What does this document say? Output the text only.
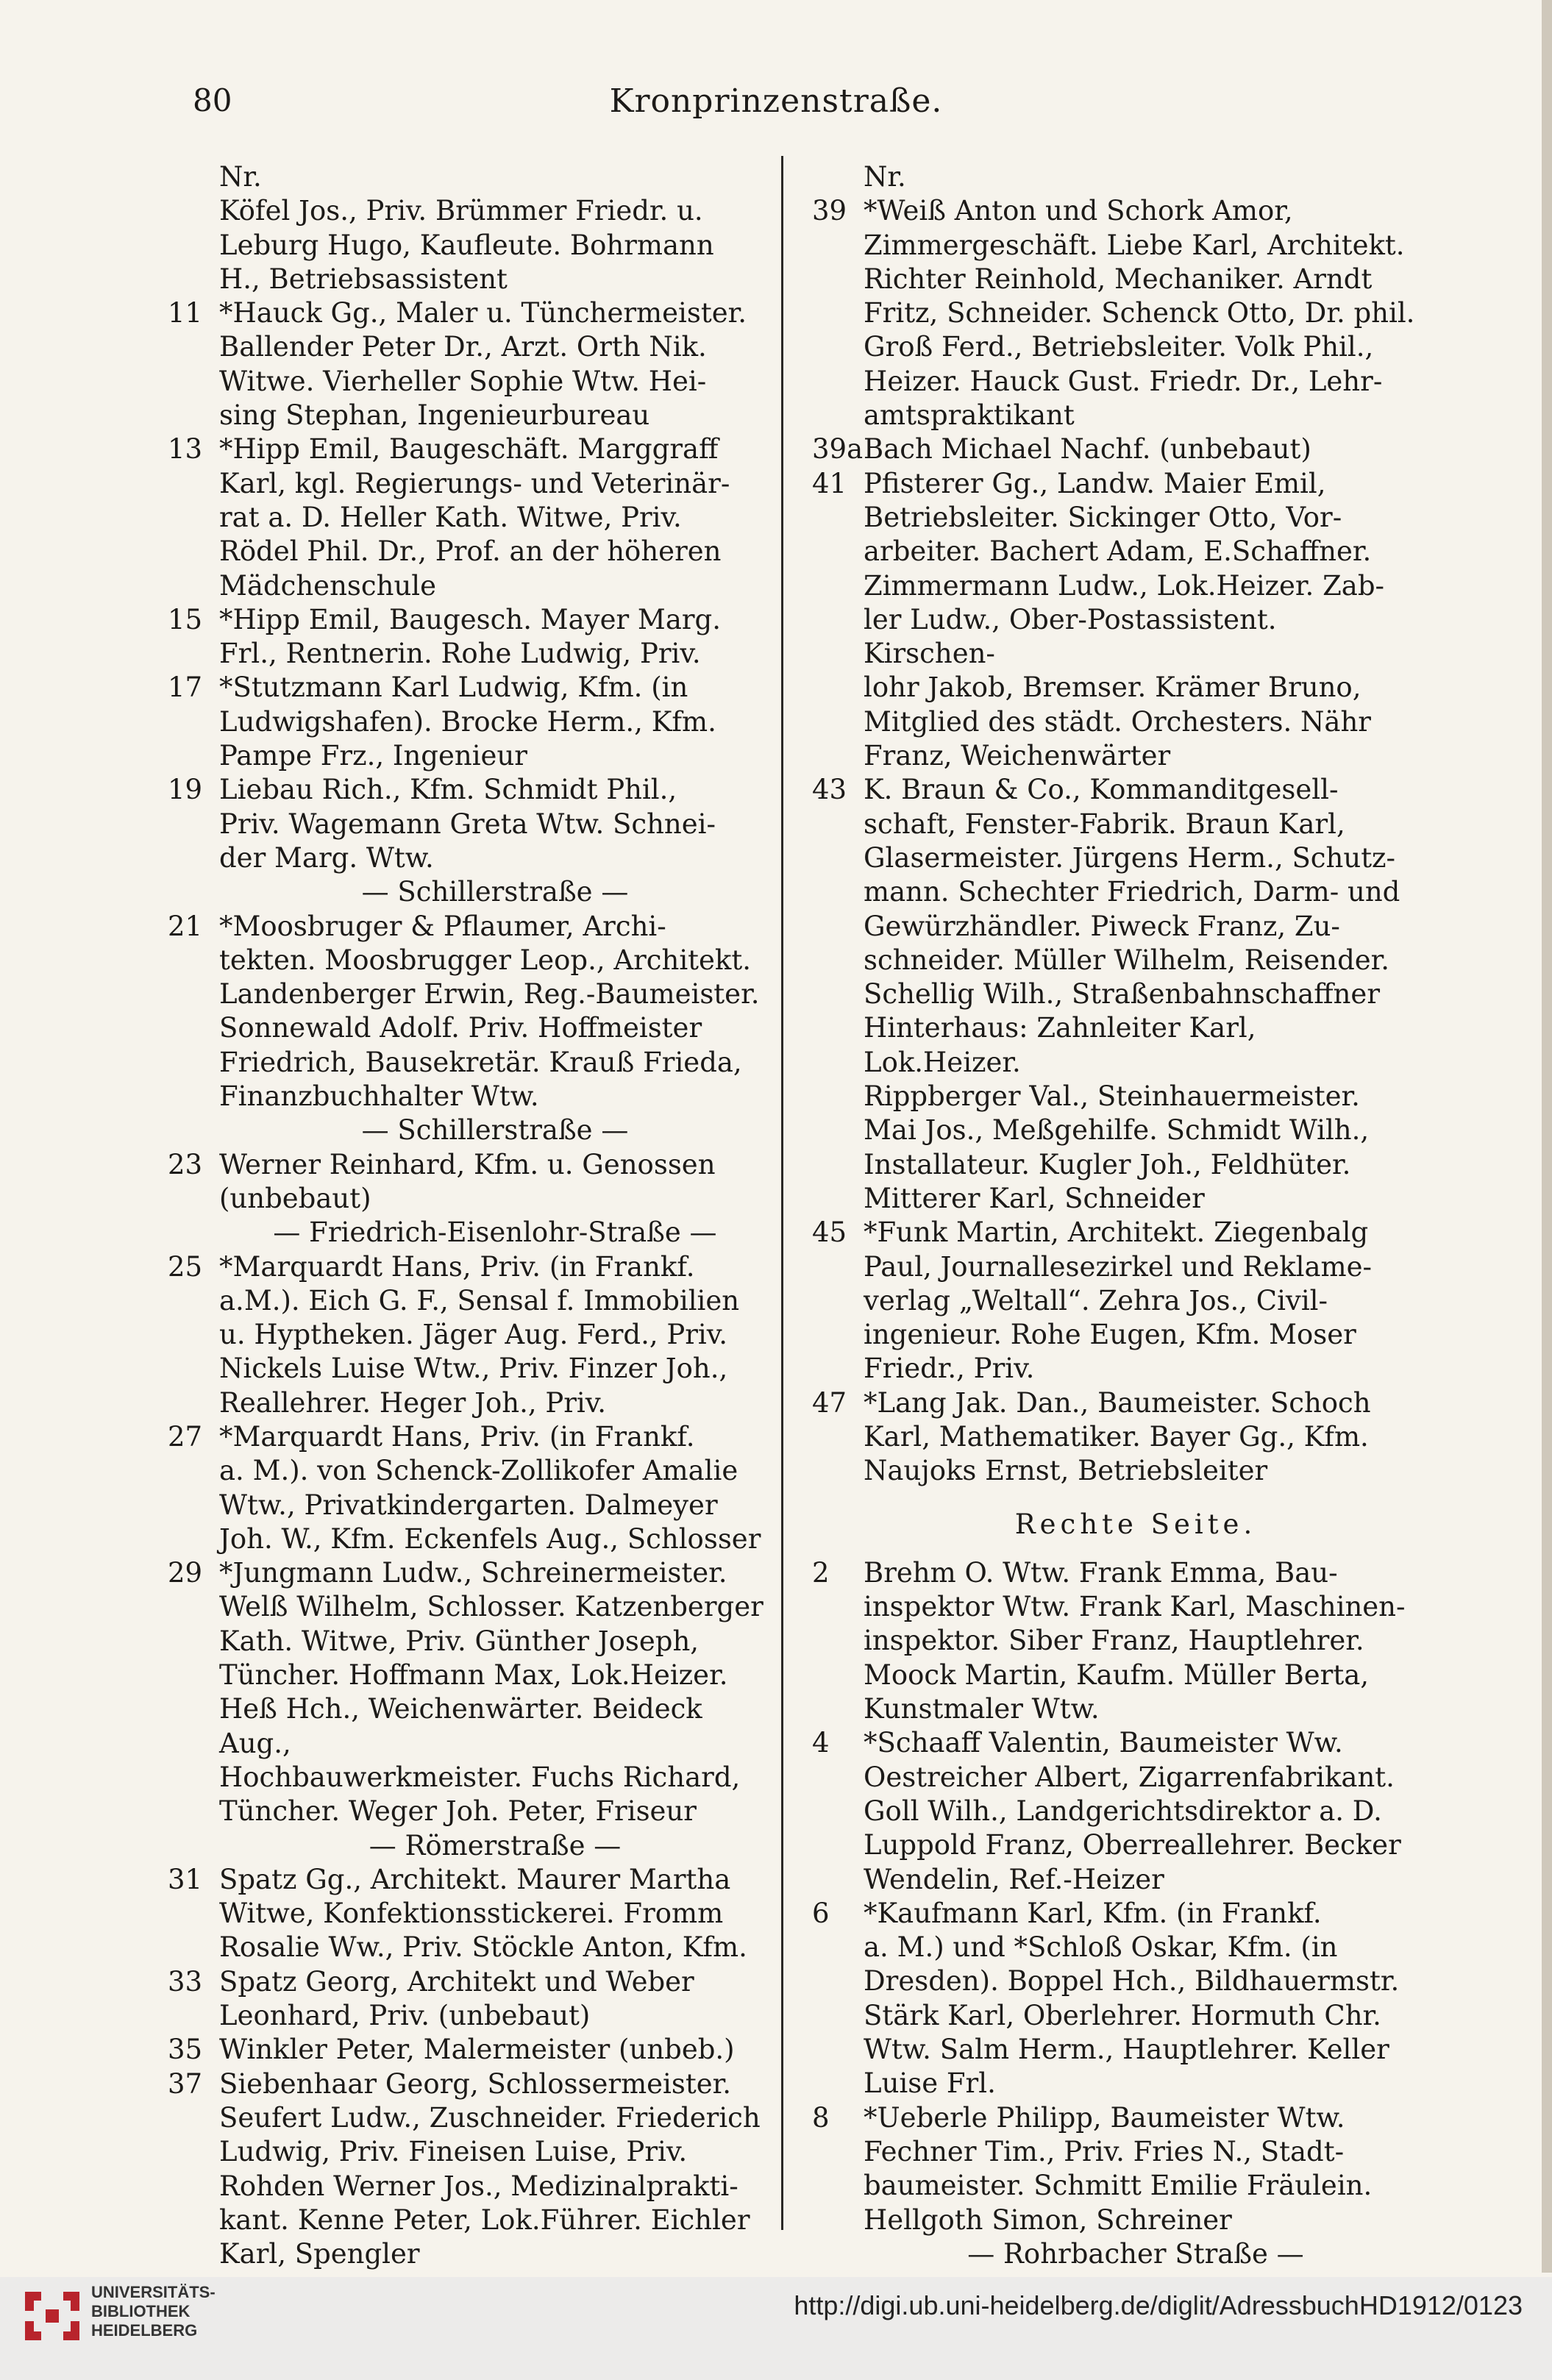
80	Kronprinzenstraße.
Nr.
Köfel Jos., Priv. Brümmer Friedr. u.
Leburg Hugo, Kaufleute. Bohrmann
H., Betriebsassistent
11 *Hauck Gg., Maler u. Tünchermeister.
Ballender Peter Dr., Arzt. Orth Nik.
Witwe. Vierheller Sophie Wtw. Hei-
sing Stephan, Ingenieurbureau
13 *Hipp Emil, Baugeschäft. Marggraff
Karl, kgl. Regierungs- und Veterinär-
rat a. D. Heller Kath. Witwe, Priv.
Rödel Phil. Dr., Prof. an der höheren
Mädchenschule
15 *Hipp Emil, Baugesch. Mayer Marg.
Frl., Rentnerin. Rohe Ludwig, Priv.
17 *Stutzmann Karl Ludwig, Kfm. (in
Ludwigshafen). Brocke Herm., Kfm.
Pampe Frz., Ingenieur
19 Liebau Rich., Kfm. Schmidt Phil.,
Priv. Wagemann Greta Wtw. Schnei-
der Marg. Wtw.
— Schillerstraße —
21 *Moosbruger & Pflaumer, Archi-
tekten. Moosbrugger Leop., Architekt.
Landenberger Erwin, Reg.-Baumeister.
Sonnewald Adolf. Priv. Hoffmeister
Friedrich, Bausekretär. Krauß Frieda,
Finanzbuchhalter Wtw.
— Schillerstraße —
23 Werner Reinhard, Kfm. u. Genossen
(unbebaut)
— Friedrich-Eisenlohr-Straße —
25 *Marquardt Hans, Priv. (in Frankf.
a.M.). Eich G. F., Sensal f. Immobilien
u. Hyptheken. Jäger Aug. Ferd., Priv.
Nickels Luise Wtw., Priv. Finzer Joh.,
Reallehrer. Heger Joh., Priv.
27 *Marquardt Hans, Priv. (in Frankf.
a. M.). von Schenck-Zollikofer Amalie
Wtw., Privatkindergarten. Dalmeyer
Joh. W., Kfm. Eckenfels Aug., Schlosser
29 *Jungmann Ludw., Schreinermeister.
Welß Wilhelm, Schlosser. Katzenberger
Kath. Witwe, Priv. Günther Joseph,
Tüncher. Hoffmann Max, Lok.Heizer.
Heß Hch., Weichenwärter. Beideck Aug.,
Hochbauwerkmeister. Fuchs Richard,
Tüncher. Weger Joh. Peter, Friseur
— Römerstraße —
31 Spatz Gg., Architekt. Maurer Martha
Witwe, Konfektionsstickerei. Fromm
Rosalie Ww., Priv. Stöckle Anton, Kfm.
33 Spatz Georg, Architekt und Weber
Leonhard, Priv. (unbebaut)
35 Winkler Peter, Malermeister (unbeb.)
37 Siebenhaar Georg, Schlossermeister.
Seufert Ludw., Zuschneider. Friederich
Ludwig, Priv. Fineisen Luise, Priv.
Rohden Werner Jos., Medizinalprakti-
kant. Kenne Peter, Lok.Führer. Eichler
Karl, Spengler
Nr.
39 *Weiß Anton und Schork Amor,
Zimmergeschäft. Liebe Karl, Architekt.
Richter Reinhold, Mechaniker. Arndt
Fritz, Schneider. Schenck Otto, Dr. phil.
Groß Ferd., Betriebsleiter. Volk Phil.,
Heizer. Hauck Gust. Friedr. Dr., Lehr-
amtspraktikant
39a Bach Michael Nachf. (unbebaut)
41 Pfisterer Gg., Landw. Maier Emil,
Betriebsleiter. Sickinger Otto, Vor-
arbeiter. Bachert Adam, E.Schaffner.
Zimmermann Ludw., Lok.Heizer. Zab-
ler Ludw., Ober-Postassistent. Kirschen-
lohr Jakob, Bremser. Krämer Bruno,
Mitglied des städt. Orchesters. Nähr
Franz, Weichenwärter
43 K. Braun & Co., Kommanditgesell-
schaft, Fenster-Fabrik. Braun Karl,
Glasermeister. Jürgens Herm., Schutz-
mann. Schechter Friedrich, Darm- und
Gewürzhändler. Piweck Franz, Zu-
schneider. Müller Wilhelm, Reisender.
Schellig Wilh., Straßenbahnschaffner
Hinterhaus: Zahnleiter Karl, Lok.Heizer.
Rippberger Val., Steinhauermeister.
Mai Jos., Meßgehilfe. Schmidt Wilh.,
Installateur. Kugler Joh., Feldhüter.
Mitterer Karl, Schneider
45 *Funk Martin, Architekt. Ziegenbalg
Paul, Journallesezirkel und Reklame-
verlag „Weltall“. Zehra Jos., Civil-
ingenieur. Rohe Eugen, Kfm. Moser
Friedr., Priv.
47 *Lang Jak. Dan., Baumeister. Schoch
Karl, Mathematiker. Bayer Gg., Kfm.
Naujoks Ernst, Betriebsleiter
Rechte Seite.
2	Brehm O. Wtw. Frank Emma, Bau-
inspektor Wtw. Frank Karl, Maschinen-
inspektor. Siber Franz, Hauptlehrer.
Moock Martin, Kaufm. Müller Berta,
Kunstmaler Wtw.
4	*Schaaff Valentin, Baumeister Ww.
Oestreicher Albert, Zigarrenfabrikant.
Goll Wilh., Landgerichtsdirektor a. D.
Luppold Franz, Oberreallehrer. Becker
Wendelin, Ref.-Heizer
6	*Kaufmann Karl, Kfm. (in Frankf.
a. M.) und *Schloß Oskar, Kfm. (in
Dresden). Boppel Hch., Bildhauermstr.
Stärk Karl, Oberlehrer. Hormuth Chr.
Wtw. Salm Herm., Hauptlehrer. Keller
Luise Frl.
8	*Ueberle Philipp, Baumeister Wtw.
Fechner Tim., Priv. Fries N., Stadt-
baumeister. Schmitt Emilie Fräulein.
Hellgoth Simon, Schreiner
— Rohrbacher Straße —
UNIVERSITÄTS-
BIBLIOTHEK
HEIDELBERG
http://digi.ub.uni-heidelberg.de/diglit/AdressbuchHD1912/0123
